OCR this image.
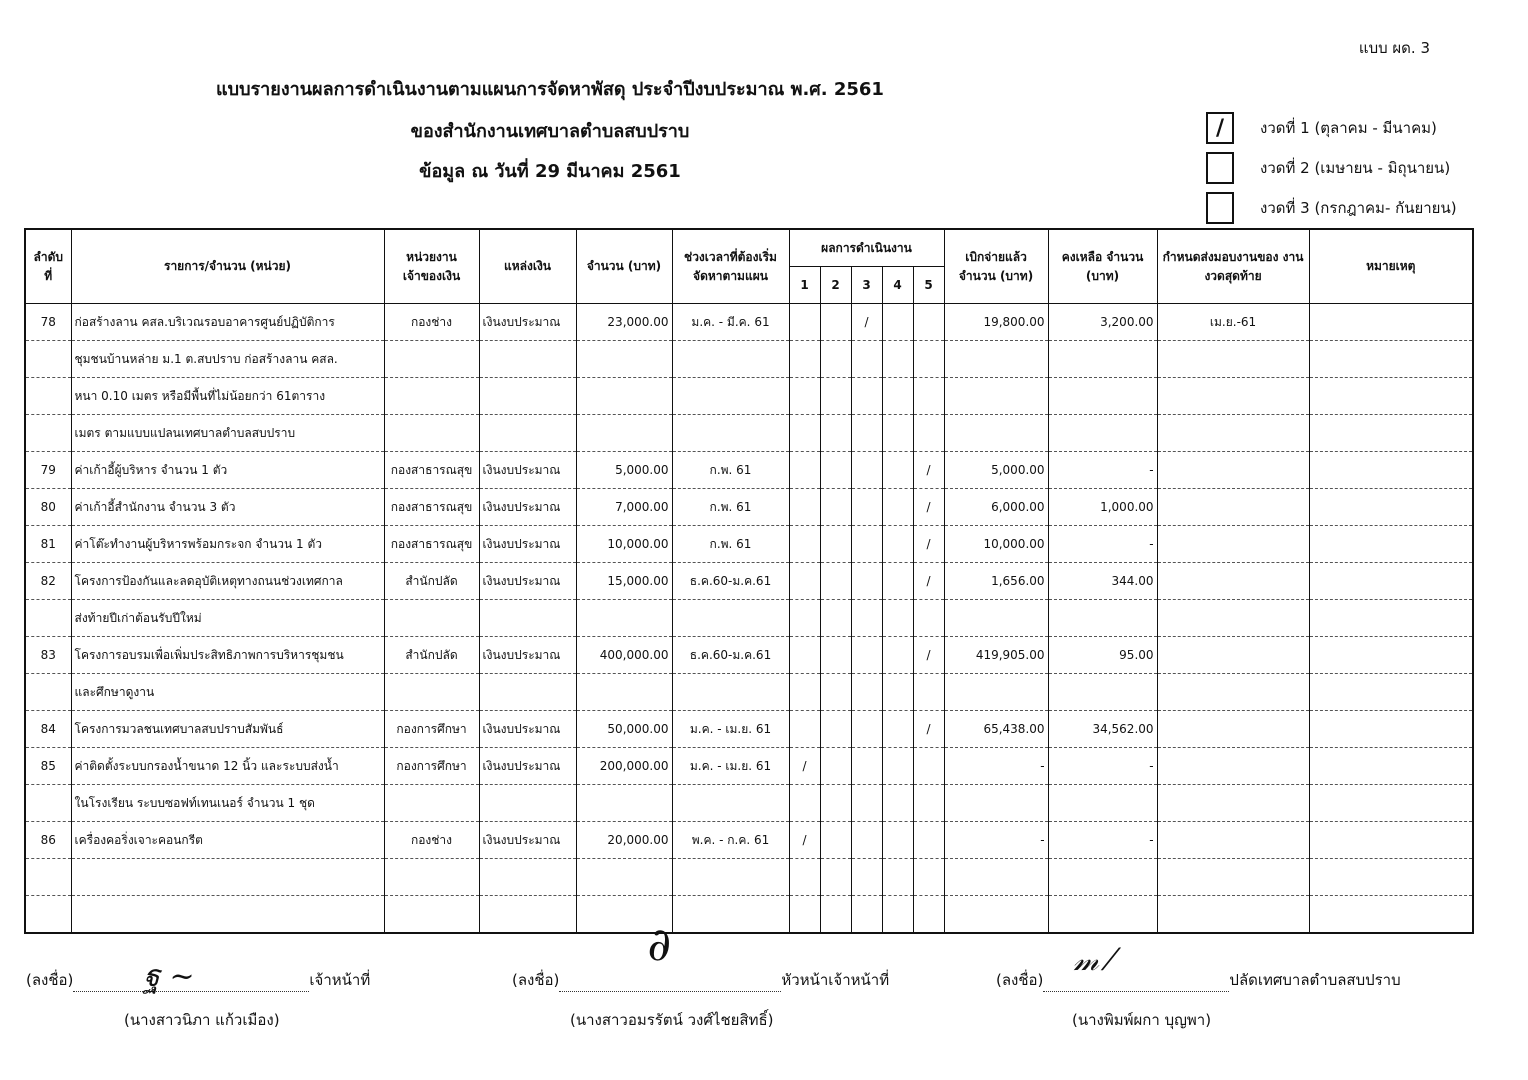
แบบ ผด. 3
แบบรายงานผลการดำเนินงานตามแผนการจัดหาพัสดุ ประจำปีงบประมาณ พ.ศ. 2561
ของสำนักงานเทศบาลตำบลสบปราบ
ข้อมูล ณ วันที่ 29 มีนาคม 2561
/	งวดที่ 1 (ตุลาคม - มีนาคม)
งวดที่ 2 (เมษายน - มิถุนายน)
งวดที่ 3 (กรกฎาคม- กันยายน)
ลำดับ ที่	รายการ/จำนวน (หน่วย)	หน่วยงาน เจ้าของเงิน	แหล่งเงิน	จำนวน (บาท)	ช่วงเวลาที่ต้องเริ่ม จัดหาตามแผน	ผลการดำเนินงาน					เบิกจ่ายแล้ว จำนวน (บาท)	คงเหลือ จำนวน (บาท)	กำหนดส่งมอบงานของ งานงวดสุดท้าย	หมายเหตุ
						1	2	3	4	5				
78	ก่อสร้างลาน คสล.บริเวณรอบอาคารศูนย์ปฏิบัติการ	กองช่าง	เงินงบประมาณ	23,000.00	ม.ค. - มี.ค. 61			/			19,800.00	3,200.00	เม.ย.-61	
	ชุมชนบ้านหล่าย ม.1 ต.สบปราบ ก่อสร้างลาน คสล.													
	หนา 0.10 เมตร หรือมีพื้นที่ไม่น้อยกว่า 61ตาราง													
	เมตร ตามแบบแปลนเทศบาลตำบลสบปราบ													
79	ค่าเก้าอี้ผู้บริหาร จำนวน 1 ตัว	กองสาธารณสุข	เงินงบประมาณ	5,000.00	ก.พ. 61					/	5,000.00	-		
80	ค่าเก้าอี้สำนักงาน จำนวน 3 ตัว	กองสาธารณสุข	เงินงบประมาณ	7,000.00	ก.พ. 61					/	6,000.00	1,000.00		
81	ค่าโต๊ะทำงานผู้บริหารพร้อมกระจก จำนวน 1 ตัว	กองสาธารณสุข	เงินงบประมาณ	10,000.00	ก.พ. 61					/	10,000.00	-		
82	โครงการป้องกันและลดอุบัติเหตุทางถนนช่วงเทศกาล	สำนักปลัด	เงินงบประมาณ	15,000.00	ธ.ค.60-ม.ค.61					/	1,656.00	344.00		
	ส่งท้ายปีเก่าต้อนรับปีใหม่													
83	โครงการอบรมเพื่อเพิ่มประสิทธิภาพการบริหารชุมชน	สำนักปลัด	เงินงบประมาณ	400,000.00	ธ.ค.60-ม.ค.61					/	419,905.00	95.00		
	และศึกษาดูงาน													
84	โครงการมวลชนเทศบาลสบปราบสัมพันธ์	กองการศึกษา	เงินงบประมาณ	50,000.00	ม.ค. - เม.ย. 61					/	65,438.00	34,562.00		
85	ค่าติดตั้งระบบกรองน้ำขนาด 12 นิ้ว และระบบส่งน้ำ	กองการศึกษา	เงินงบประมาณ	200,000.00	ม.ค. - เม.ย. 61	/					-	-		
	ในโรงเรียน ระบบซอฟท์เทนเนอร์ จำนวน 1 ชุด													
86	เครื่องคอริ่งเจาะคอนกรีต	กองช่าง	เงินงบประมาณ	20,000.00	พ.ค. - ก.ค. 61	/					-	-		

(ลงชื่อ) ฐ ~	เจ้าหน้าที่
(นางสาวนิภา แก้วเมือง)
(ลงชื่อ)
∂
หัวหน้าเจ้าหน้าที่
(นางสาวอมรรัตน์ วงศ์ไชยสิทธิ์)
(ลงชื่อ)
𝓂 ⁄
ปลัดเทศบาลตำบลสบปราบ
(นางพิมพ์ผกา บุญพา)
